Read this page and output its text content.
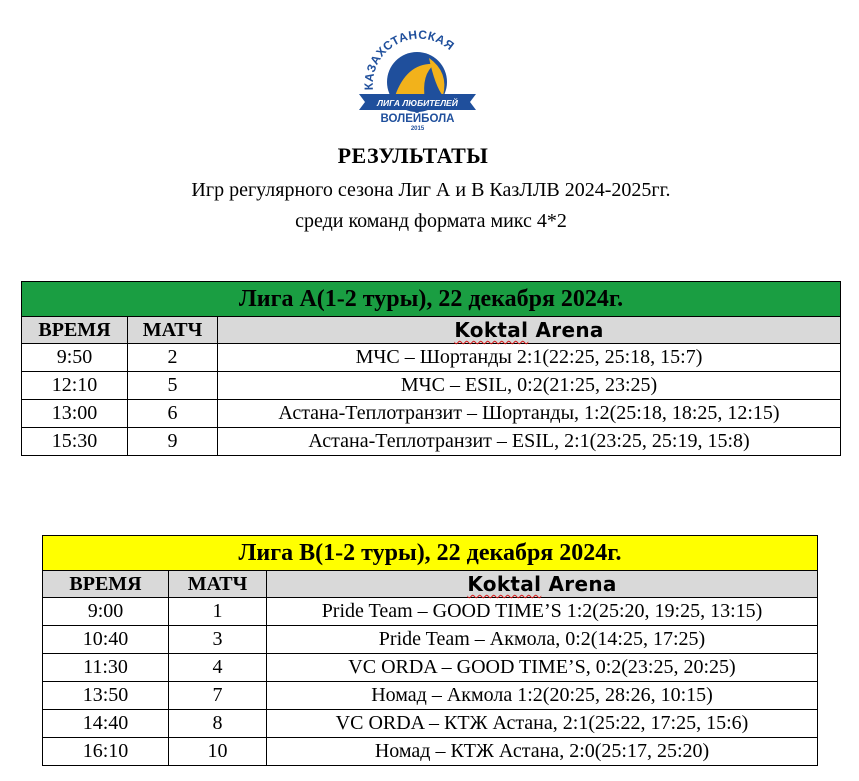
КАЗАХСТАНСКАЯ
ЛИГА ЛЮБИТЕЛЕЙ
ВОЛЕЙБОЛА
2015
РЕЗУЛЬТАТЫ
Игр регулярного сезона Лиг А и В КазЛЛВ 2024-2025гг.
среди команд формата микс 4*2
Лига А(1-2 туры), 22 декабря 2024г.		
ВРЕМЯ	МАТЧ	Koktal Arena
9:50	2	МЧС – Шортанды 2:1(22:25, 25:18, 15:7)
12:10	5	МЧС – ESIL, 0:2(21:25, 23:25)
13:00	6	Астана-Теплотранзит – Шортанды, 1:2(25:18, 18:25, 12:15)
15:30	9	Астана-Теплотранзит – ESIL, 2:1(23:25, 25:19, 15:8)
Лига В(1-2 туры), 22 декабря 2024г.		
ВРЕМЯ	МАТЧ	Koktal Arena
9:00	1	Pride Team – GOOD TIME’S 1:2(25:20, 19:25, 13:15)
10:40	3	Pride Team – Акмола, 0:2(14:25, 17:25)
11:30	4	VC ORDA – GOOD TIME’S, 0:2(23:25, 20:25)
13:50	7	Номад – Акмола 1:2(20:25, 28:26, 10:15)
14:40	8	VC ORDA – КТЖ Астана, 2:1(25:22, 17:25, 15:6)
16:10	10	Номад – КТЖ Астана, 2:0(25:17, 25:20)
